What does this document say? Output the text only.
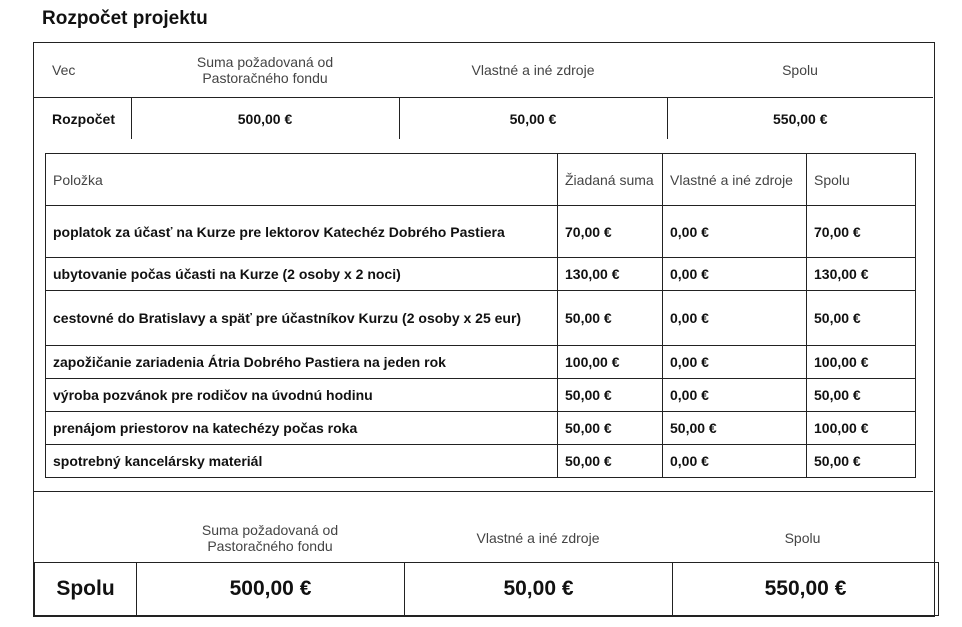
Rozpočet projektu
Vec	Suma požadovaná od Pastoračného fondu	Vlastné a iné zdroje	Spolu
Rozpočet	500,00 €	50,00 €	550,00 €
Položka	Žiadaná suma	Vlastné a iné zdroje	Spolu
poplatok za účasť na Kurze pre lektorov Katechéz Dobrého Pastiera	70,00 €	0,00 €	70,00 €
ubytovanie počas účasti na Kurze (2 osoby x 2 noci)	130,00 €	0,00 €	130,00 €
cestovné do Bratislavy a späť pre účastníkov Kurzu (2 osoby x 25 eur)	50,00 €	0,00 €	50,00 €
zapožičanie zariadenia Átria Dobrého Pastiera na jeden rok	100,00 €	0,00 €	100,00 €
výroba pozvánok pre rodičov na úvodnú hodinu	50,00 €	0,00 €	50,00 €
prenájom priestorov na katechézy počas roka	50,00 €	50,00 €	100,00 €
spotrebný kancelársky materiál	50,00 €	0,00 €	50,00 €
	Suma požadovaná od Pastoračného fondu	Vlastné a iné zdroje	Spolu
Spolu	500,00 €	50,00 €	550,00 €
